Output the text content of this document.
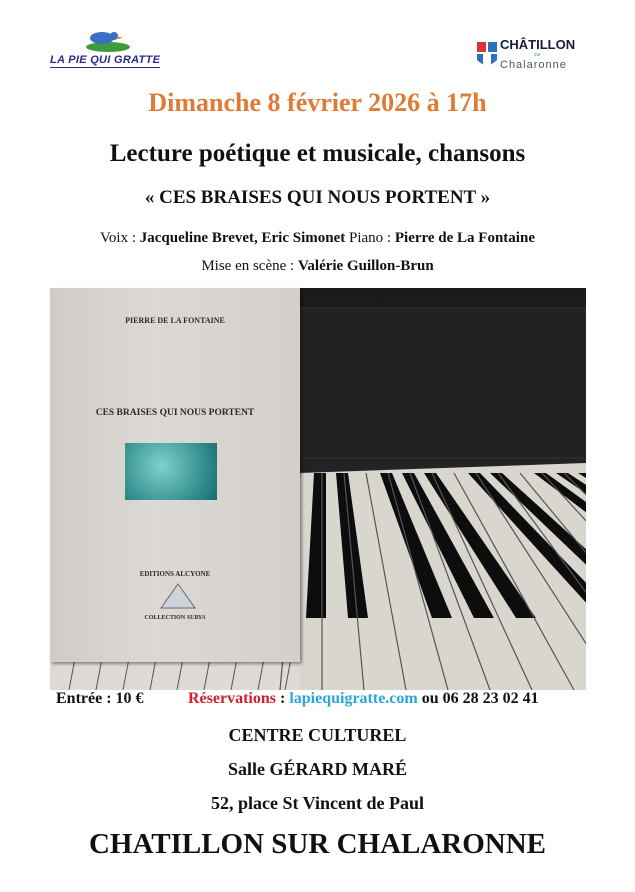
LA PIE QUI GRATTE
CHÂTILLON
sur
Chalaronne
Dimanche 8 février 2026 à 17h
Lecture poétique et musicale, chansons
« CES BRAISES QUI NOUS PORTENT »
Voix : Jacqueline Brevet, Eric Simonet Piano : Pierre de La Fontaine
Mise en scène : Valérie Guillon-Brun
PIERRE DE LA FONTAINE
CES BRAISES QUI NOUS PORTENT
EDITIONS ALCYONE
COLLECTION SURYA
Entrée : 10 €	Réservations : lapiequigratte.com ou 06 28 23 02 41
CENTRE CULTUREL
Salle GÉRARD MARÉ
52, place St Vincent de Paul
CHATILLON SUR CHALARONNE
